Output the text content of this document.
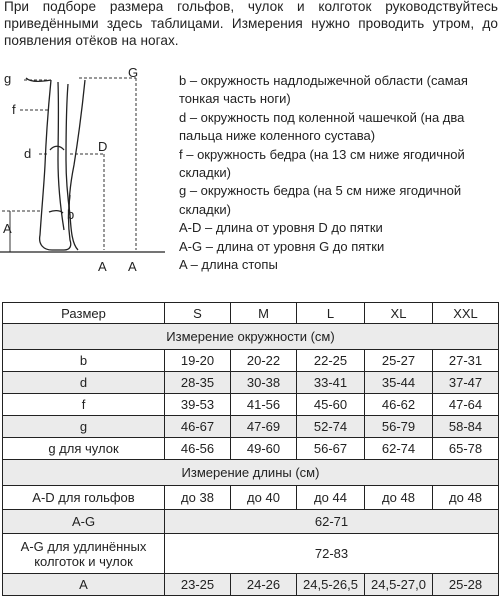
При подборе размера гольфов, чулок и колготок руководствуйтесь приведёнными здесь таблицами. Измерения нужно проводить утром, до появления отёков на ногах.
g	G
f
d	D
b
A
A A
b – окружность надлодыжечной области (самая тонкая часть ноги)
d – окружность под коленной чашечкой (на два пальца ниже коленного сустава)
f – окружность бедра (на 13 см ниже ягодичной складки)
g – окружность бедра (на 5 см ниже ягодичной складки)
A-D – длина от уровня D до пятки
A-G – длина от уровня G до пятки
A – длина стопы
Размер	S	M	L	XL	XXL
Измерение окружности (см)					
b	19-20	20-22	22-25	25-27	27-31
d	28-35	30-38	33-41	35-44	37-47
f	39-53	41-56	45-60	46-62	47-64
g	46-67	47-69	52-74	56-79	58-84
g для чулок	46-56	49-60	56-67	62-74	65-78
Измерение длины (см)					
A-D для гольфов	до 38	до 40	до 44	до 48	до 48
A-G	62-71				
A-G для удлинённых колготок и чулок	72-83				
A	23-25	24-26	24,5-26,5	24,5-27,0	25-28
